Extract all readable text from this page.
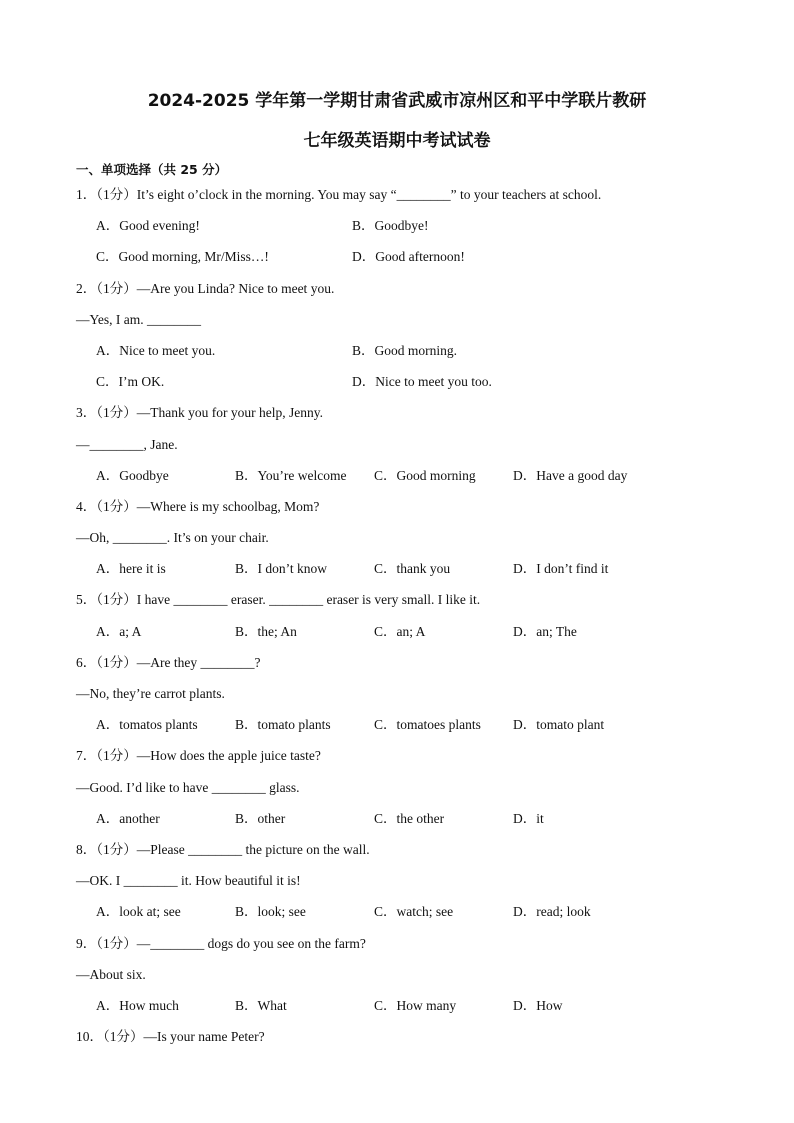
2024-2025 学年第一学期甘肃省武威市凉州区和平中学联片教研
七年级英语期中考试试卷
一、单项选择（共 25 分）
1．（1分）It’s eight o’clock in the morning. You may say “________” to your teachers at school.
A．Good evening!	B．Goodbye!
C．Good morning, Mr/Miss…!	D．Good afternoon!
2．（1分）—Are you Linda? Nice to meet you.
—Yes, I am. ________
A．Nice to meet you.	B．Good morning.
C．I’m OK.	D．Nice to meet you too.
3．（1分）—Thank you for your help, Jenny.
—________, Jane.
A．Goodbye	B．You’re welcome	C．Good morning	D．Have a good day
4．（1分）—Where is my schoolbag, Mom?
—Oh, ________. It’s on your chair.
A．here it is	B．I don’t know	C．thank you	D．I don’t find it
5．（1分）I have ________ eraser. ________ eraser is very small. I like it.
A．a; A	B．the; An	C．an; A	D．an; The
6．（1分）—Are they ________?
—No, they’re carrot plants.
A．tomatos plants	B．tomato plants	C．tomatoes plants	D．tomato plant
7．（1分）—How does the apple juice taste?
—Good. I’d like to have ________ glass.
A．another	B．other	C．the other	D．it
8．（1分）—Please ________ the picture on the wall.
—OK. I ________ it. How beautiful it is!
A．look at; see	B．look; see	C．watch; see	D．read; look
9．（1分）—________ dogs do you see on the farm?
—About six.
A．How much	B．What	C．How many	D．How
10．（1分）—Is your name Peter?
